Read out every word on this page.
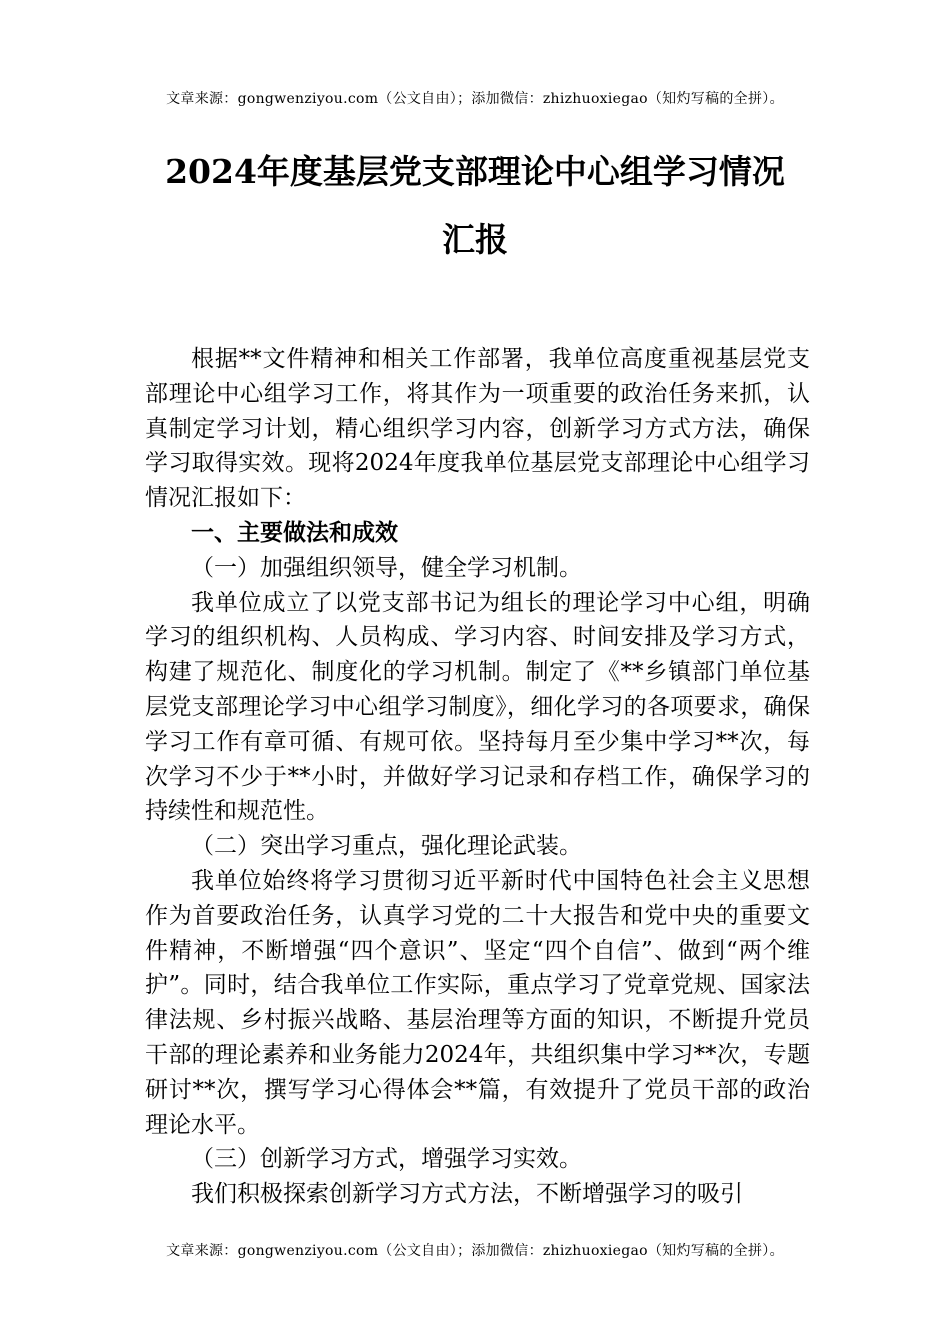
文章来源：gongwenziyou.com（公文自由）；添加微信：zhizhuoxiegao（知灼写稿的全拼）。
2024年度基层党支部理论中心组学习情况
汇报

根据**文件精神和相关工作部署，我单位高度重视基层党支部理论中心组学习工作，将其作为一项重要的政治任务来抓，认真制定学习计划，精心组织学习内容，创新学习方式方法，确保学习取得实效。现将2024年度我单位基层党支部理论中心组学习情况汇报如下：

一、主要做法和成效

（一）加强组织领导，健全学习机制。

我单位成立了以党支部书记为组长的理论学习中心组，明确学习的组织机构、人员构成、学习内容、时间安排及学习方式，构建了规范化、制度化的学习机制。制定了《**乡镇部门单位基层党支部理论学习中心组学习制度》，细化学习的各项要求，确保学习工作有章可循、有规可依。坚持每月至少集中学习**次，每次学习不少于**小时，并做好学习记录和存档工作，确保学习的持续性和规范性。

（二）突出学习重点，强化理论武装。

我单位始终将学习贯彻习近平新时代中国特色社会主义思想作为首要政治任务，认真学习党的二十大报告和党中央的重要文件精神，不断增强“四个意识”、坚定“四个自信”、做到“两个维护”。同时，结合我单位工作实际，重点学习了党章党规、国家法律法规、乡村振兴战略、基层治理等方面的知识，不断提升党员干部的理论素养和业务能力2024年，共组织集中学习**次，专题研讨**次，撰写学习心得体会**篇，有效提升了党员干部的政治理论水平。

（三）创新学习方式，增强学习实效。

我们积极探索创新学习方式方法，不断增强学习的吸引

文章来源：gongwenziyou.com（公文自由）；添加微信：zhizhuoxiegao（知灼写稿的全拼）。
